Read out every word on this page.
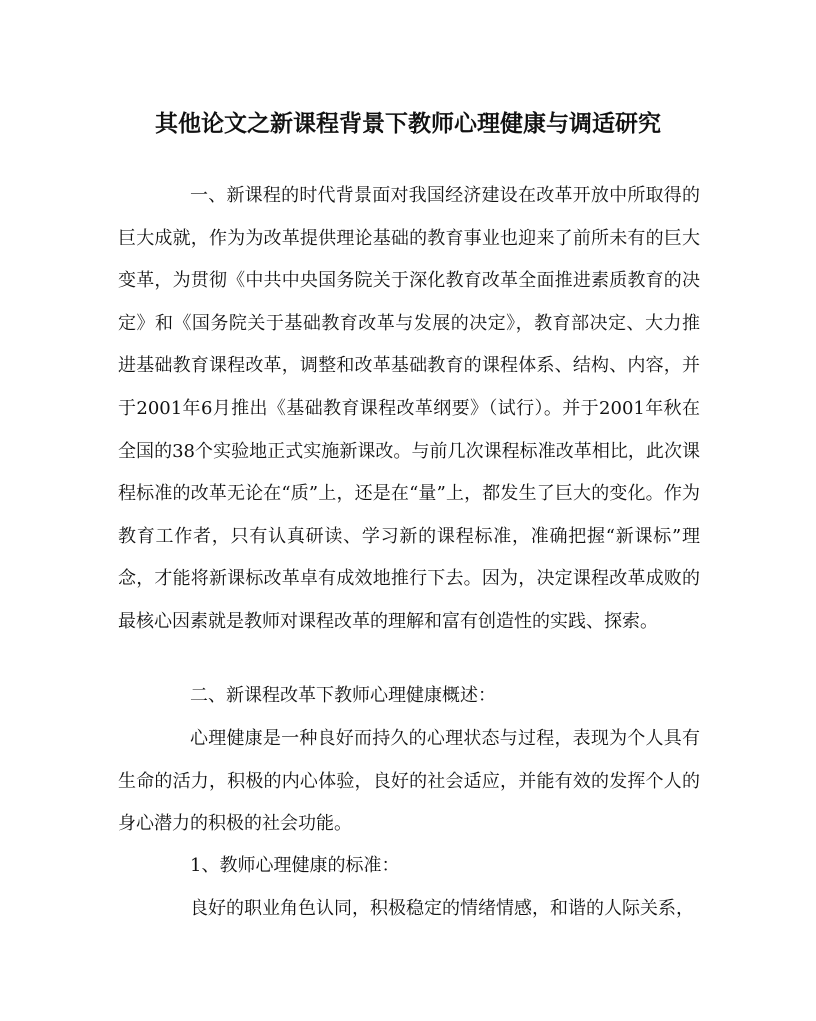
其他论文之新课程背景下教师心理健康与调适研究

一、新课程的时代背景面对我国经济建设在改革开放中所取得的巨大成就，作为为改革提供理论基础的教育事业也迎来了前所未有的巨大变革，为贯彻《中共中央国务院关于深化教育改革全面推进素质教育的决定》和《国务院关于基础教育改革与发展的决定》，教育部决定、大力推进基础教育课程改革，调整和改革基础教育的课程体系、结构、内容，并于2001年6月推出《基础教育课程改革纲要》（试行）。并于2001年秋在全国的38个实验地正式实施新课改。与前几次课程标准改革相比，此次课程标准的改革无论在“质”上，还是在“量”上，都发生了巨大的变化。作为教育工作者，只有认真研读、学习新的课程标准，准确把握“新课标”理念，才能将新课标改革卓有成效地推行下去。因为，决定课程改革成败的最核心因素就是教师对课程改革的理解和富有创造性的实践、探索。

二、新课程改革下教师心理健康概述：

心理健康是一种良好而持久的心理状态与过程，表现为个人具有生命的活力，积极的内心体验，良好的社会适应，并能有效的发挥个人的身心潜力的积极的社会功能。

1、教师心理健康的标准：

良好的职业角色认同，积极稳定的情绪情感，和谐的人际关系，
